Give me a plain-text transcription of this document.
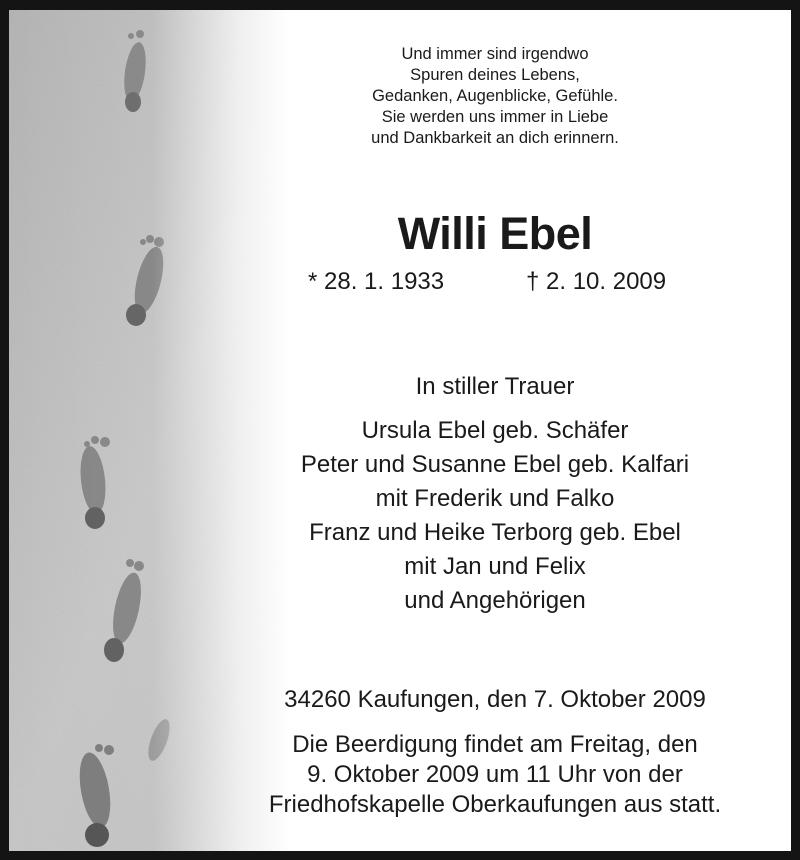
Und immer sind irgendwo
Spuren deines Lebens,
Gedanken, Augenblicke, Gefühle.
Sie werden uns immer in Liebe
und Dankbarkeit an dich erinnern.
Willi Ebel
* 28. 1. 1933	† 2. 10. 2009
In stiller Trauer
Ursula Ebel geb. Schäfer
Peter und Susanne Ebel geb. Kalfari
mit Frederik und Falko
Franz und Heike Terborg geb. Ebel
mit Jan und Felix
und Angehörigen
34260 Kaufungen, den 7. Oktober 2009
Die Beerdigung findet am Freitag, den
9. Oktober 2009 um 11 Uhr von der
Friedhofskapelle Oberkaufungen aus statt.
